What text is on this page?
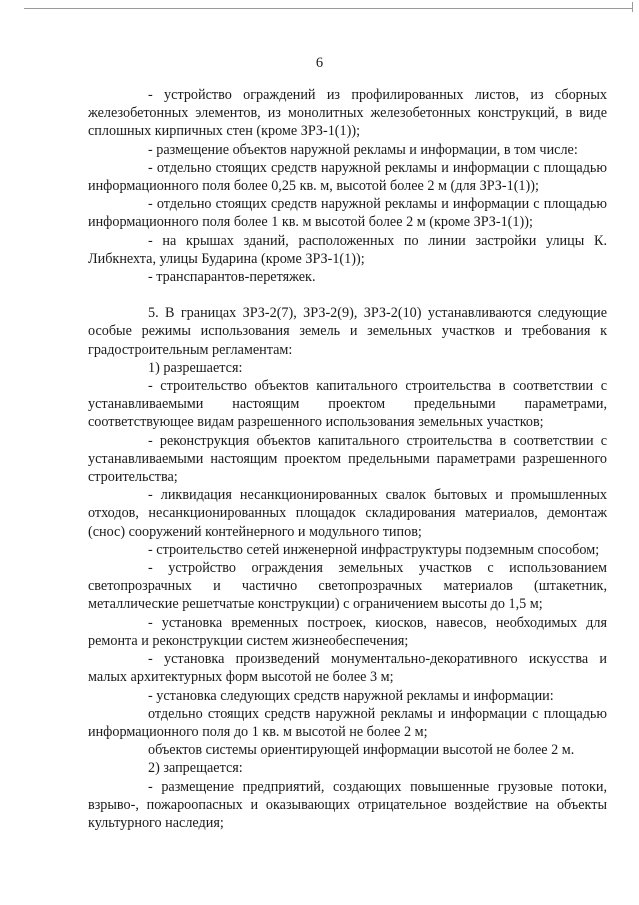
6

- устройство ограждений из профилированных листов, из сборных железобетонных элементов, из монолитных железобетонных конструкций, в виде сплошных кирпичных стен (кроме ЗРЗ-1(1));

- размещение объектов наружной рекламы и информации, в том числе:

- отдельно стоящих средств наружной рекламы и информации с площадью информационного поля более 0,25 кв. м, высотой более 2 м (для ЗРЗ-1(1));

- отдельно стоящих средств наружной рекламы и информации с площадью информационного поля более 1 кв. м высотой более 2 м (кроме ЗРЗ-1(1));

- на крышах зданий, расположенных по линии застройки улицы К. Либкнехта, улицы Бударина (кроме ЗРЗ-1(1));

- транспарантов-перетяжек.

5. В границах ЗРЗ-2(7), ЗРЗ-2(9), ЗРЗ-2(10) устанавливаются следующие особые режимы использования земель и земельных участков и требования к градостроительным регламентам:

1) разрешается:

- строительство объектов капитального строительства в соответствии с устанавливаемыми настоящим проектом предельными параметрами, соответствующее видам разрешенного использования земельных участков;

- реконструкция объектов капитального строительства в соответствии с устанавливаемыми настоящим проектом предельными параметрами разрешенного строительства;

- ликвидация несанкционированных свалок бытовых и промышленных отходов, несанкционированных площадок складирования материалов, демонтаж (снос) сооружений контейнерного и модульного типов;

- строительство сетей инженерной инфраструктуры подземным способом;

- устройство ограждения земельных участков с использованием светопрозрачных и частично светопрозрачных материалов (штакетник, металлические решетчатые конструкции) с ограничением высоты до 1,5 м;

- установка временных построек, киосков, навесов, необходимых для ремонта и реконструкции систем жизнеобеспечения;

- установка произведений монументально-декоративного искусства и малых архитектурных форм высотой не более 3 м;

- установка следующих средств наружной рекламы и информации:

отдельно стоящих средств наружной рекламы и информации с площадью информационного поля до 1 кв. м высотой не более 2 м;

объектов системы ориентирующей информации высотой не более 2 м.

2) запрещается:

- размещение предприятий, создающих повышенные грузовые потоки, взрыво-, пожароопасных и оказывающих отрицательное воздействие на объекты культурного наследия;
